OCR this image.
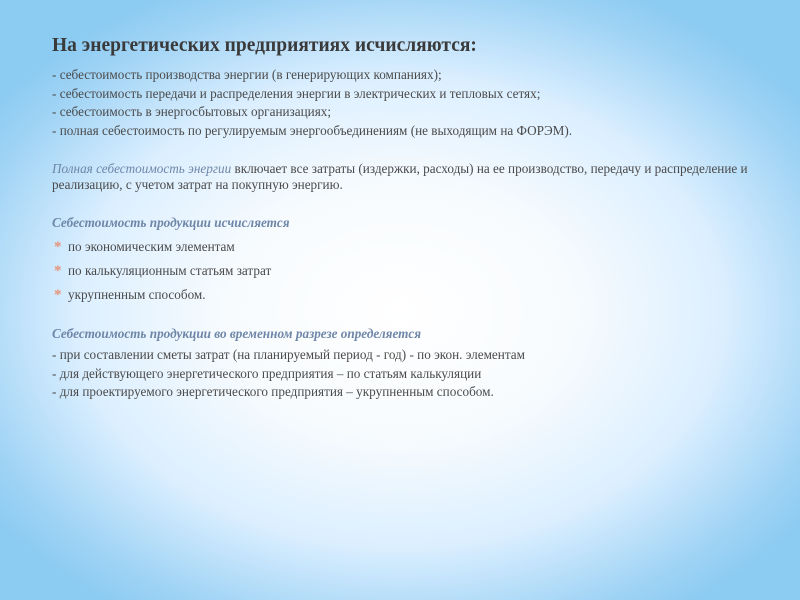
На энергетических предприятиях исчисляются:

- себестоимость производства энергии (в генерирующих компаниях);

- себестоимость передачи и распределения энергии в электрических и тепловых сетях;

- себестоимость в энергосбытовых организациях;

- полная себестоимость по регулируемым энергообъединениям (не выходящим на ФОРЭМ).

Полная себестоимость энергии включает все затраты (издержки, расходы) на ее производство, передачу и распределение и реализацию, с учетом затрат на покупную энергию.

Себестоимость продукции исчисляется

* по экономическим элементам

* по калькуляционным статьям затрат

* укрупненным способом.

Себестоимость продукции во временном разрезе определяется

- при составлении сметы затрат (на планируемый период - год) - по экон. элементам

- для действующего энергетического предприятия – по статьям калькуляции

- для проектируемого энергетического предприятия – укрупненным способом.
